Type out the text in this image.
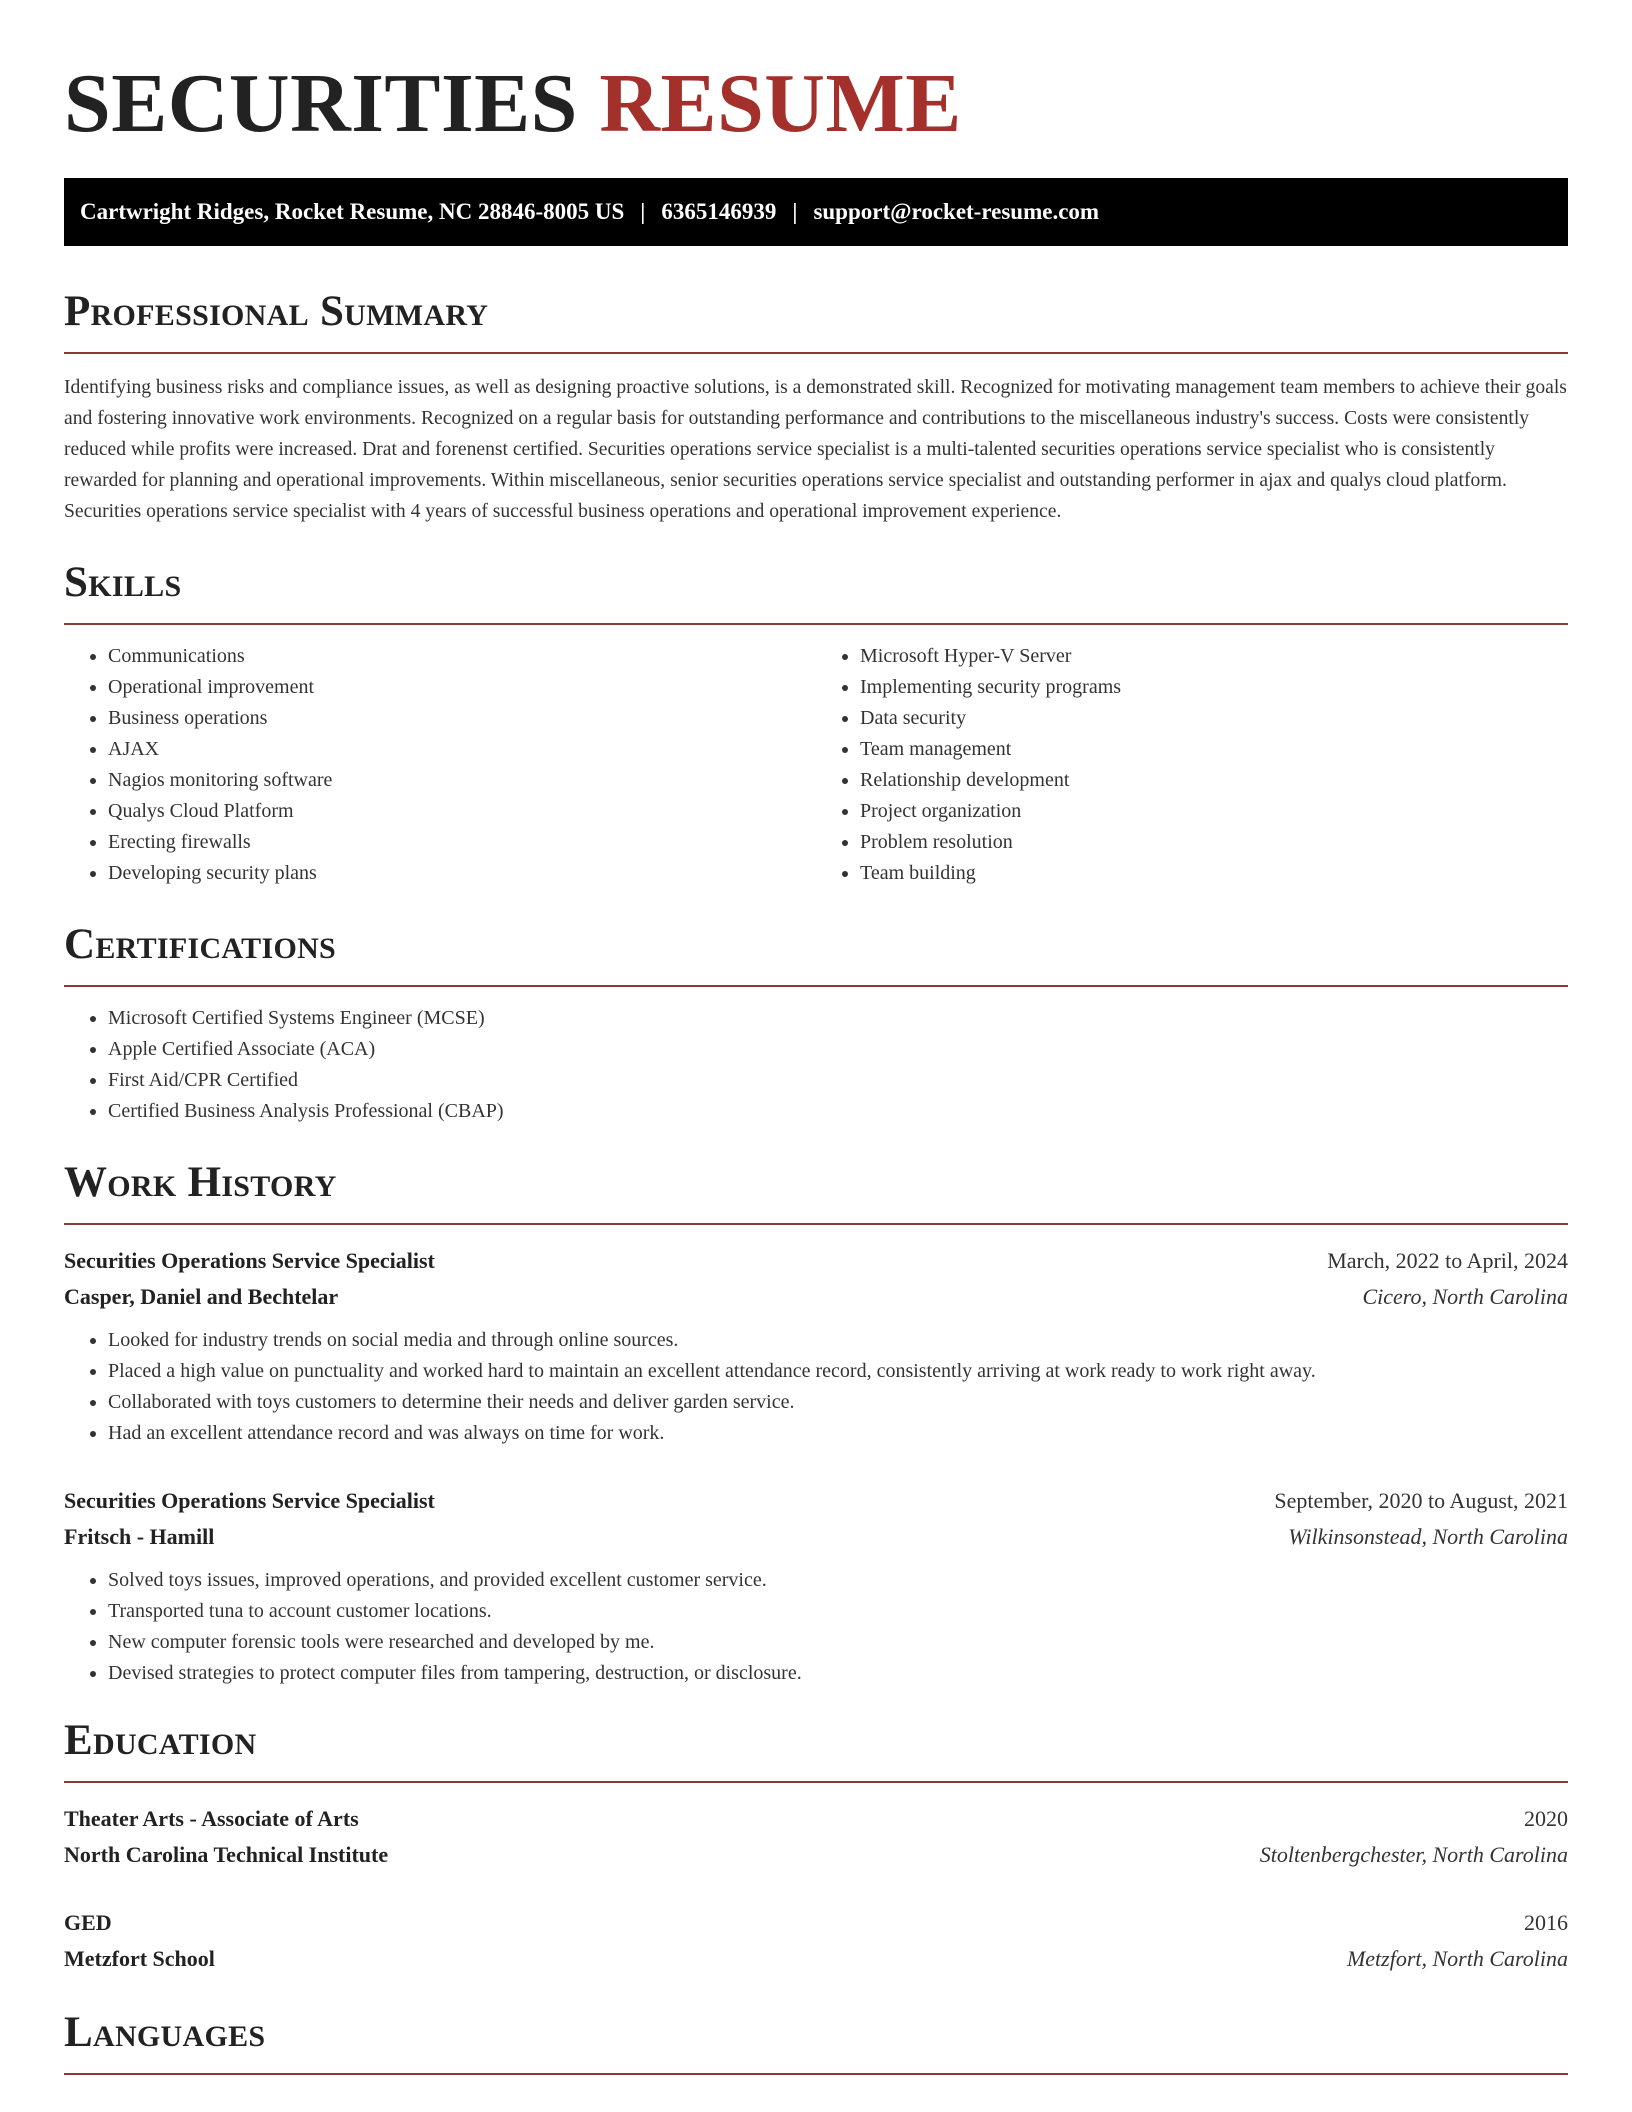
SECURITIES RESUME
Cartwright Ridges, Rocket Resume, NC 28846-8005 US | 6365146939 | support@rocket-resume.com
Professional Summary

Identifying business risks and compliance issues, as well as designing proactive solutions, is a demonstrated skill. Recognized for motivating management team members to achieve their goals and fostering innovative work environments. Recognized on a regular basis for outstanding performance and contributions to the miscellaneous industry's success. Costs were consistently reduced while profits were increased. Drat and forenenst certified. Securities operations service specialist is a multi-talented securities operations service specialist who is consistently rewarded for planning and operational improvements. Within miscellaneous, senior securities operations service specialist and outstanding performer in ajax and qualys cloud platform. Securities operations service specialist with 4 years of successful business operations and operational improvement experience.

Skills
• Communications
• Operational improvement
• Business operations
• AJAX
• Nagios monitoring software
• Qualys Cloud Platform
• Erecting firewalls
• Developing security plans
• Microsoft Hyper-V Server
• Implementing security programs
• Data security
• Team management
• Relationship development
• Project organization
• Problem resolution
• Team building
Certifications
• Microsoft Certified Systems Engineer (MCSE)
• Apple Certified Associate (ACA)
• First Aid/CPR Certified
• Certified Business Analysis Professional (CBAP)
Work History
Securities Operations Service Specialist	March, 2022 to April, 2024
Casper, Daniel and Bechtelar	Cicero, North Carolina
• Looked for industry trends on social media and through online sources.
• Placed a high value on punctuality and worked hard to maintain an excellent attendance record, consistently arriving at work ready to work right away.
• Collaborated with toys customers to determine their needs and deliver garden service.
• Had an excellent attendance record and was always on time for work.
Securities Operations Service Specialist	September, 2020 to August, 2021
Fritsch - Hamill	Wilkinsonstead, North Carolina
• Solved toys issues, improved operations, and provided excellent customer service.
• Transported tuna to account customer locations.
• New computer forensic tools were researched and developed by me.
• Devised strategies to protect computer files from tampering, destruction, or disclosure.
Education
Theater Arts - Associate of Arts	2020
North Carolina Technical Institute	Stoltenbergchester, North Carolina
GED	2016
Metzfort School	Metzfort, North Carolina
Languages
